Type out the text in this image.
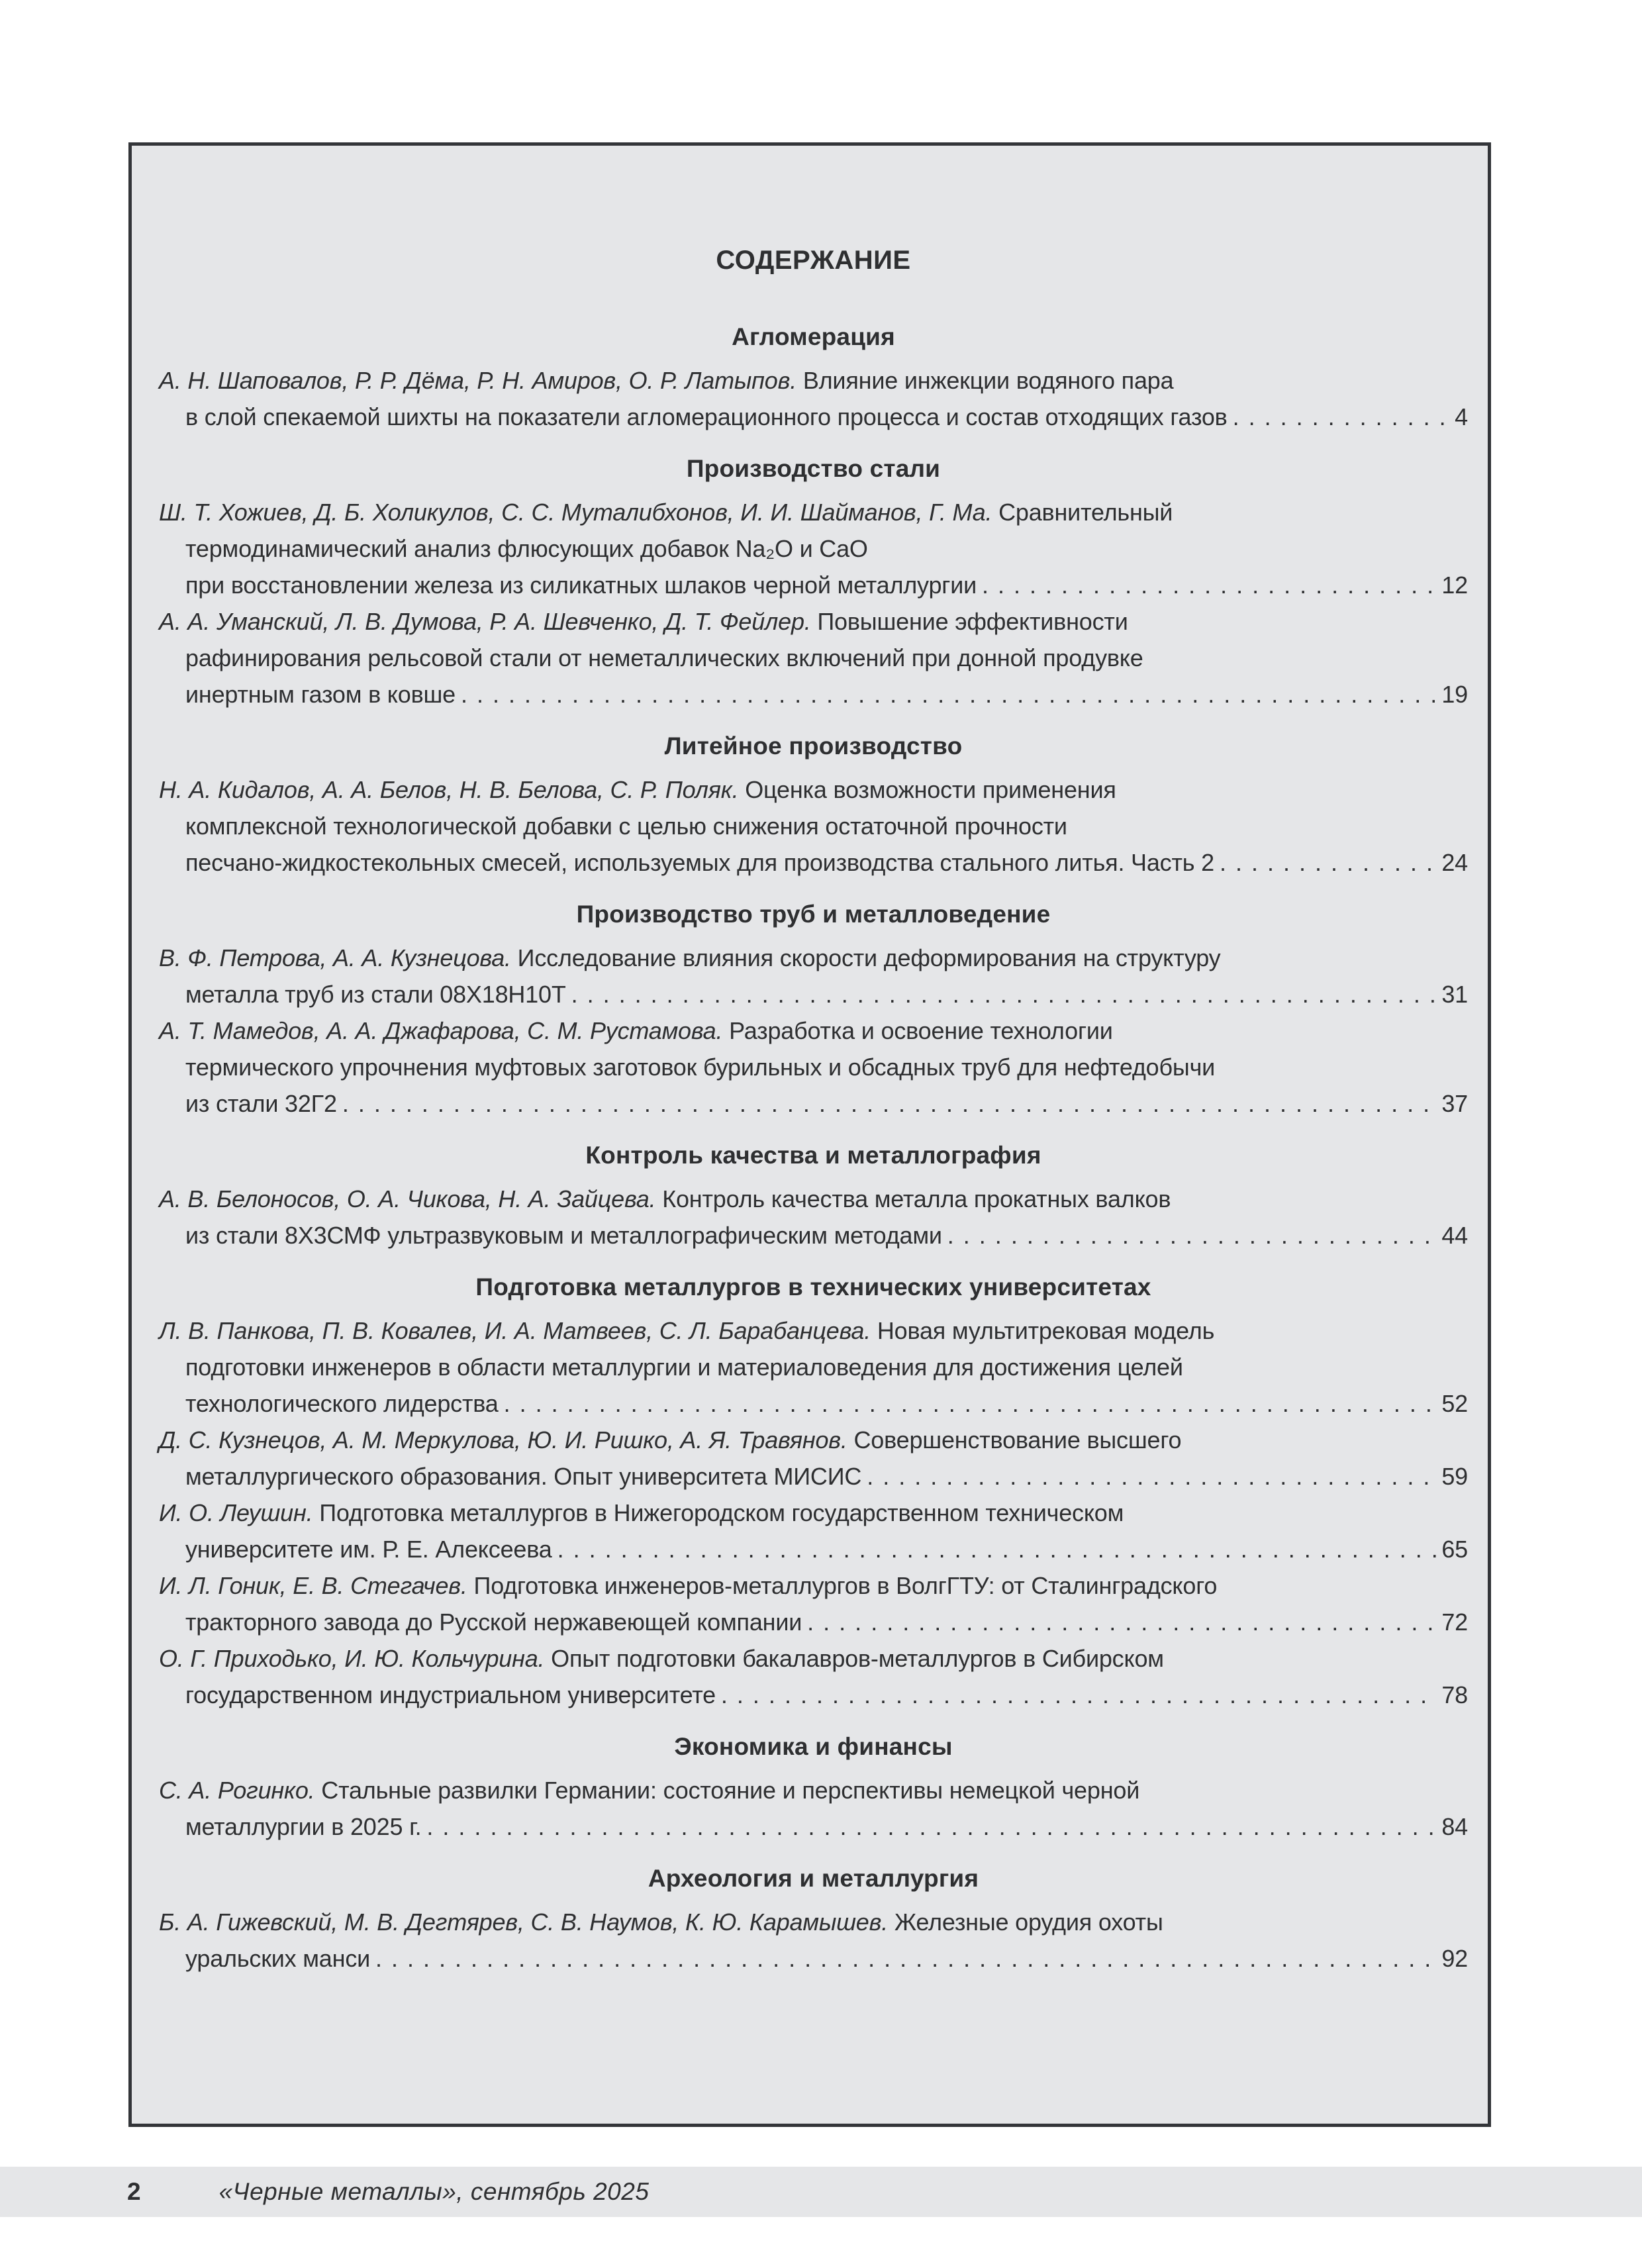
СОДЕРЖАНИЕ
Агломерация
А. Н. Шаповалов, Р. Р. Дёма, Р. Н. Амиров, О. Р. Латыпов. Влияние инжекции водяного пара
в слой спекаемой шихты на показатели агломерационного процесса и состав отходящих газов . . .	4
Производство стали
Ш. Т. Хожиев, Д. Б. Холикулов, С. С. Муталибхонов, И. И. Шайманов, Г. Ма. Сравнительный
термодинамический анализ флюсующих добавок Na₂O и CaO
при восстановлении железа из силикатных шлаков черной металлургии . . .	12
А. А. Уманский, Л. В. Думова, Р. А. Шевченко, Д. Т. Фейлер. Повышение эффективности
рафинирования рельсовой стали от неметаллических включений при донной продувке
инертным газом в ковше . . .	19
Литейное производство
Н. А. Кидалов, А. А. Белов, Н. В. Белова, С. Р. Поляк. Оценка возможности применения
комплексной технологической добавки с целью снижения остаточной прочности
песчано-жидкостекольных смесей, используемых для производства стального литья. Часть 2 . . .	24
Производство труб и металловедение
В. Ф. Петрова, А. А. Кузнецова. Исследование влияния скорости деформирования на структуру
металла труб из стали 08Х18Н10Т . . .	31
А. Т. Мамедов, А. А. Джафарова, С. М. Рустамова. Разработка и освоение технологии
термического упрочнения муфтовых заготовок бурильных и обсадных труб для нефтедобычи
из стали 32Г2 . . .	37
Контроль качества и металлография
А. В. Белоносов, О. А. Чикова, Н. А. Зайцева. Контроль качества металла прокатных валков
из стали 8Х3СМФ ультразвуковым и металлографическим методами . . .	44
Подготовка металлургов в технических университетах
Л. В. Панкова, П. В. Ковалев, И. А. Матвеев, С. Л. Барабанцева. Новая мультитрековая модель
подготовки инженеров в области металлургии и материаловедения для достижения целей
технологического лидерства . . .	52
Д. С. Кузнецов, А. М. Меркулова, Ю. И. Ришко, А. Я. Травянов. Совершенствование высшего
металлургического образования. Опыт университета МИСИС . . .	59
И. О. Леушин. Подготовка металлургов в Нижегородском государственном техническом
университете им. Р. Е. Алексеева . . .	65
И. Л. Гоник, Е. В. Стегачев. Подготовка инженеров-металлургов в ВолгГТУ: от Сталинградского
тракторного завода до Русской нержавеющей компании . . .	72
О. Г. Приходько, И. Ю. Кольчурина. Опыт подготовки бакалавров-металлургов в Сибирском
государственном индустриальном университете . . .	78
Экономика и финансы
С. А. Рогинко. Стальные развилки Германии: состояние и перспективы немецкой черной
металлургии в 2025 г. . . .	84
Археология и металлургия
Б. А. Гижевский, М. В. Дегтярев, С. В. Наумов, К. Ю. Карамышев. Железные орудия охоты
уральских манси . . .	92
2	«Черные металлы», сентябрь 2025
